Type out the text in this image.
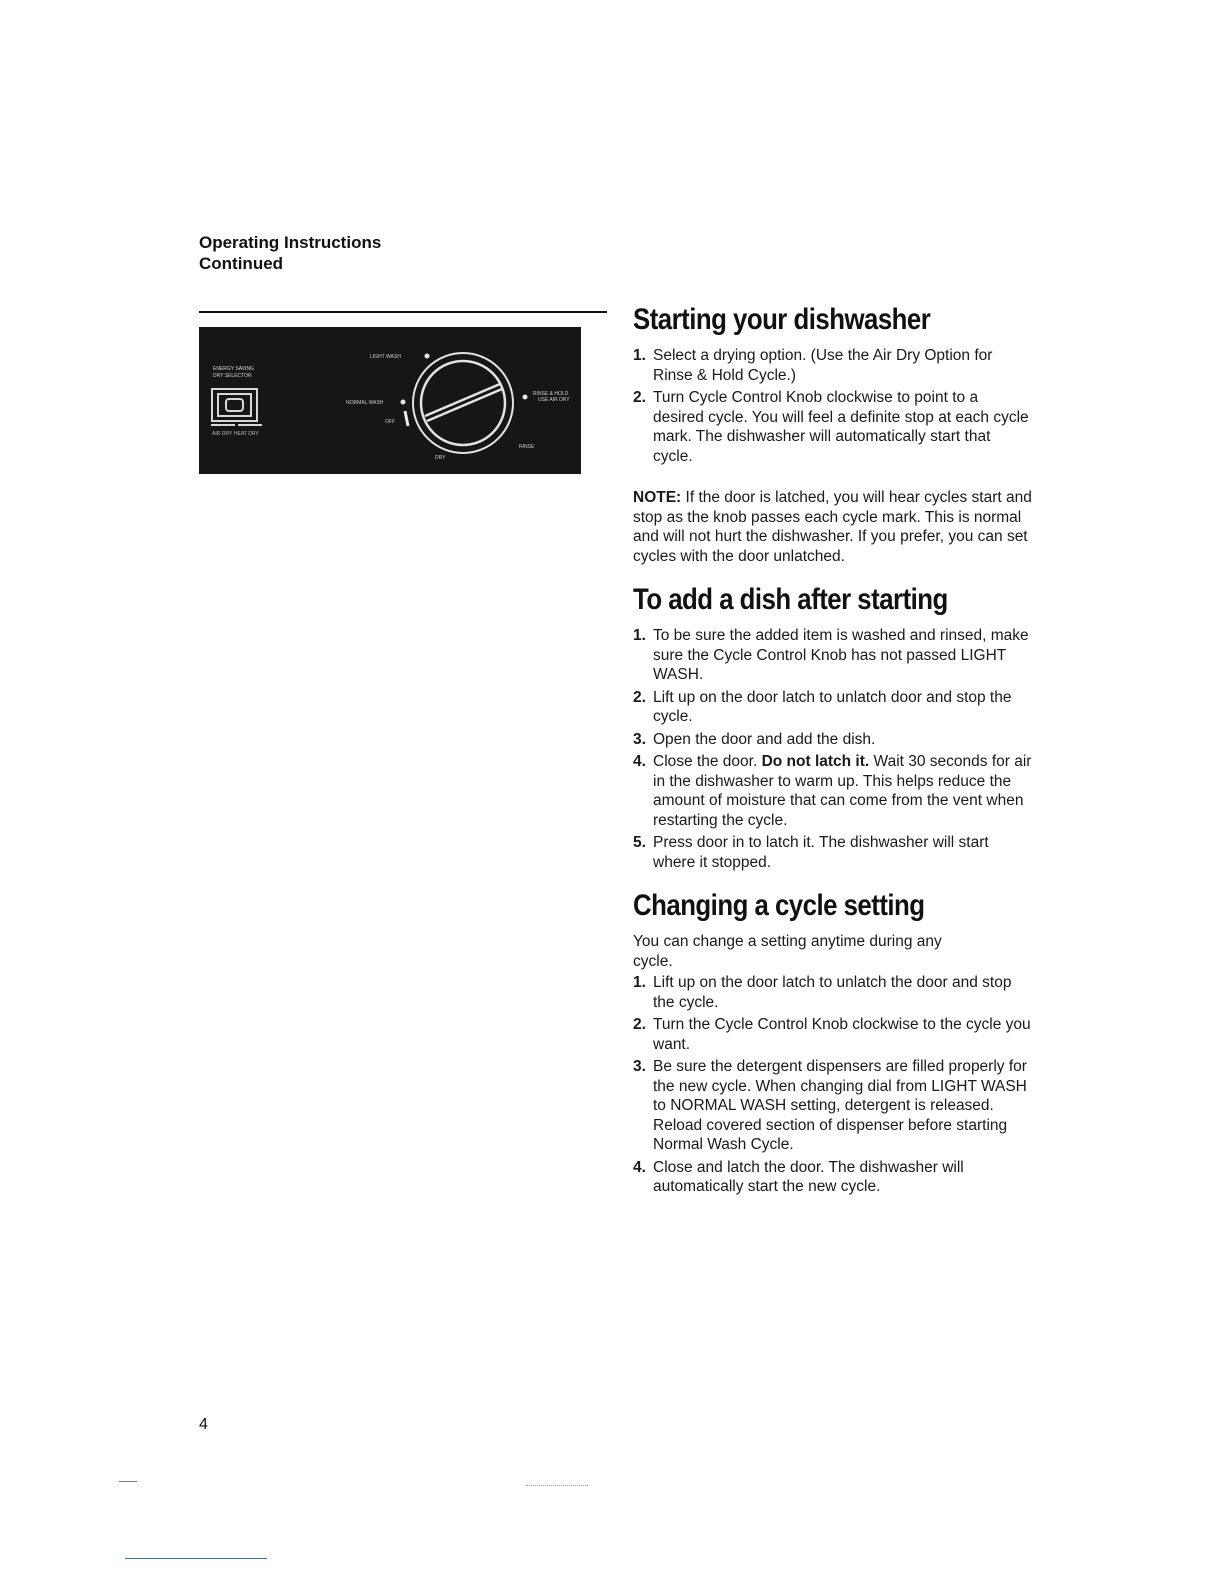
Operating Instructions
Continued
ENERGY SAVING
DRY SELECTOR
AIR DRY HEAT DRY
LIGHT WASH
NORMAL WASH
OFF
RINSE & HOLD
USE AIR DRY
RINSE
DRY
Starting your dishwasher
1. Select a drying option. (Use the Air Dry Option for Rinse & Hold Cycle.)
2. Turn Cycle Control Knob clockwise to point to a desired cycle. You will feel a definite stop at each cycle mark. The dishwasher will automatically start that cycle.

NOTE: If the door is latched, you will hear cycles start and stop as the knob passes each cycle mark. This is normal and will not hurt the dishwasher. If you prefer, you can set cycles with the door unlatched.

To add a dish after starting
1. To be sure the added item is washed and rinsed, make sure the Cycle Control Knob has not passed LIGHT WASH.
2. Lift up on the door latch to unlatch door and stop the cycle.
3. Open the door and add the dish.
4. Close the door. Do not latch it. Wait 30 seconds for air in the dishwasher to warm up. This helps reduce the amount of moisture that can come from the vent when restarting the cycle.
5. Press door in to latch it. The dishwasher will start where it stopped.
Changing a cycle setting

You can change a setting anytime during any cycle.

1. Lift up on the door latch to unlatch the door and stop the cycle.
2. Turn the Cycle Control Knob clockwise to the cycle you want.
3. Be sure the detergent dispensers are filled properly for the new cycle. When changing dial from LIGHT WASH to NORMAL WASH setting, detergent is released. Reload covered section of dispenser before starting Normal Wash Cycle.
4. Close and latch the door. The dishwasher will automatically start the new cycle.
4
